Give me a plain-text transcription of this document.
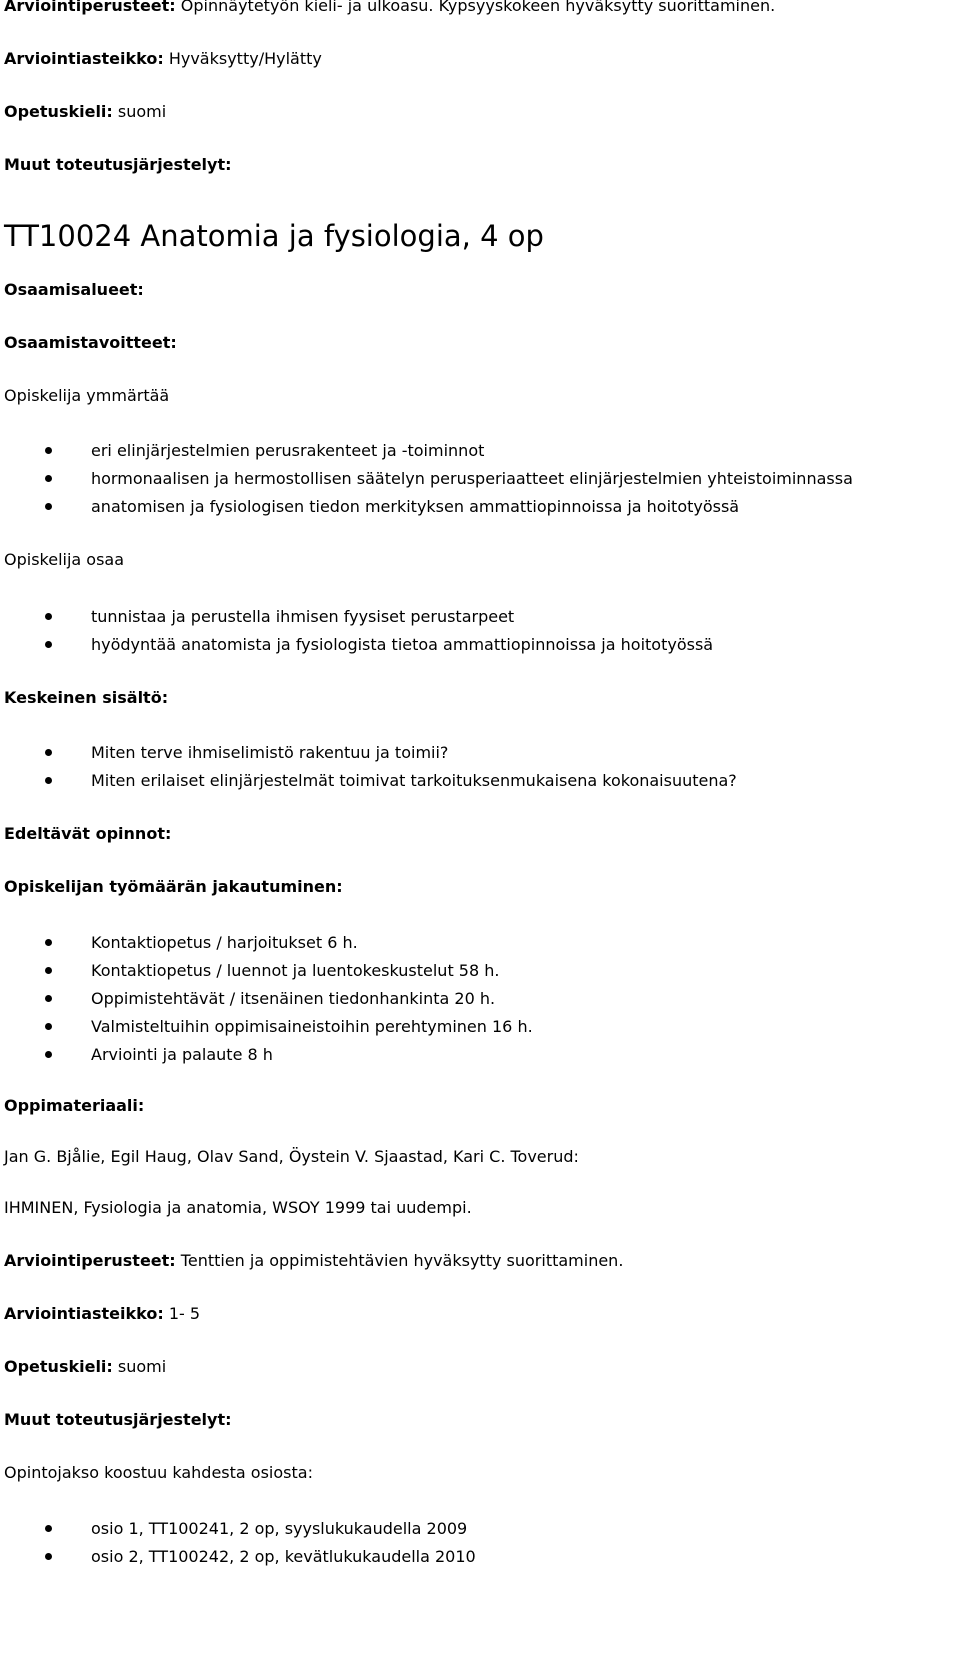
Arviointiperusteet: Opinnäytetyön kieli- ja ulkoasu. Kypsyyskokeen hyväksytty suorittaminen.
Arviointiasteikko: Hyväksytty/Hylätty
Opetuskieli: suomi
Muut toteutusjärjestelyt:
TT10024 Anatomia ja fysiologia, 4 op
Osaamisalueet:
Osaamistavoitteet:
Opiskelija ymmärtää
eri elinjärjestelmien perusrakenteet ja -toiminnot
hormonaalisen ja hermostollisen säätelyn perusperiaatteet elinjärjestelmien yhteistoiminnassa
anatomisen ja fysiologisen tiedon merkityksen ammattiopinnoissa ja hoitotyössä
Opiskelija osaa
tunnistaa ja perustella ihmisen fyysiset perustarpeet
hyödyntää anatomista ja fysiologista tietoa ammattiopinnoissa ja hoitotyössä
Keskeinen sisältö:
Miten terve ihmiselimistö rakentuu ja toimii?
Miten erilaiset elinjärjestelmät toimivat tarkoituksenmukaisena kokonaisuutena?
Edeltävät opinnot:
Opiskelijan työmäärän jakautuminen:
Kontaktiopetus / harjoitukset 6 h.
Kontaktiopetus / luennot ja luentokeskustelut 58 h.
Oppimistehtävät / itsenäinen tiedonhankinta 20 h.
Valmisteltuihin oppimisaineistoihin perehtyminen 16 h.
Arviointi ja palaute 8 h
Oppimateriaali:
Jan G. Bjålie, Egil Haug, Olav Sand, Öystein V. Sjaastad, Kari C. Toverud:
IHMINEN, Fysiologia ja anatomia, WSOY 1999 tai uudempi.
Arviointiperusteet: Tenttien ja oppimistehtävien hyväksytty suorittaminen.
Arviointiasteikko: 1- 5
Opetuskieli: suomi
Muut toteutusjärjestelyt:
Opintojakso koostuu kahdesta osiosta:
osio 1, TT100241, 2 op, syyslukukaudella 2009
osio 2, TT100242, 2 op, kevätlukukaudella 2010
